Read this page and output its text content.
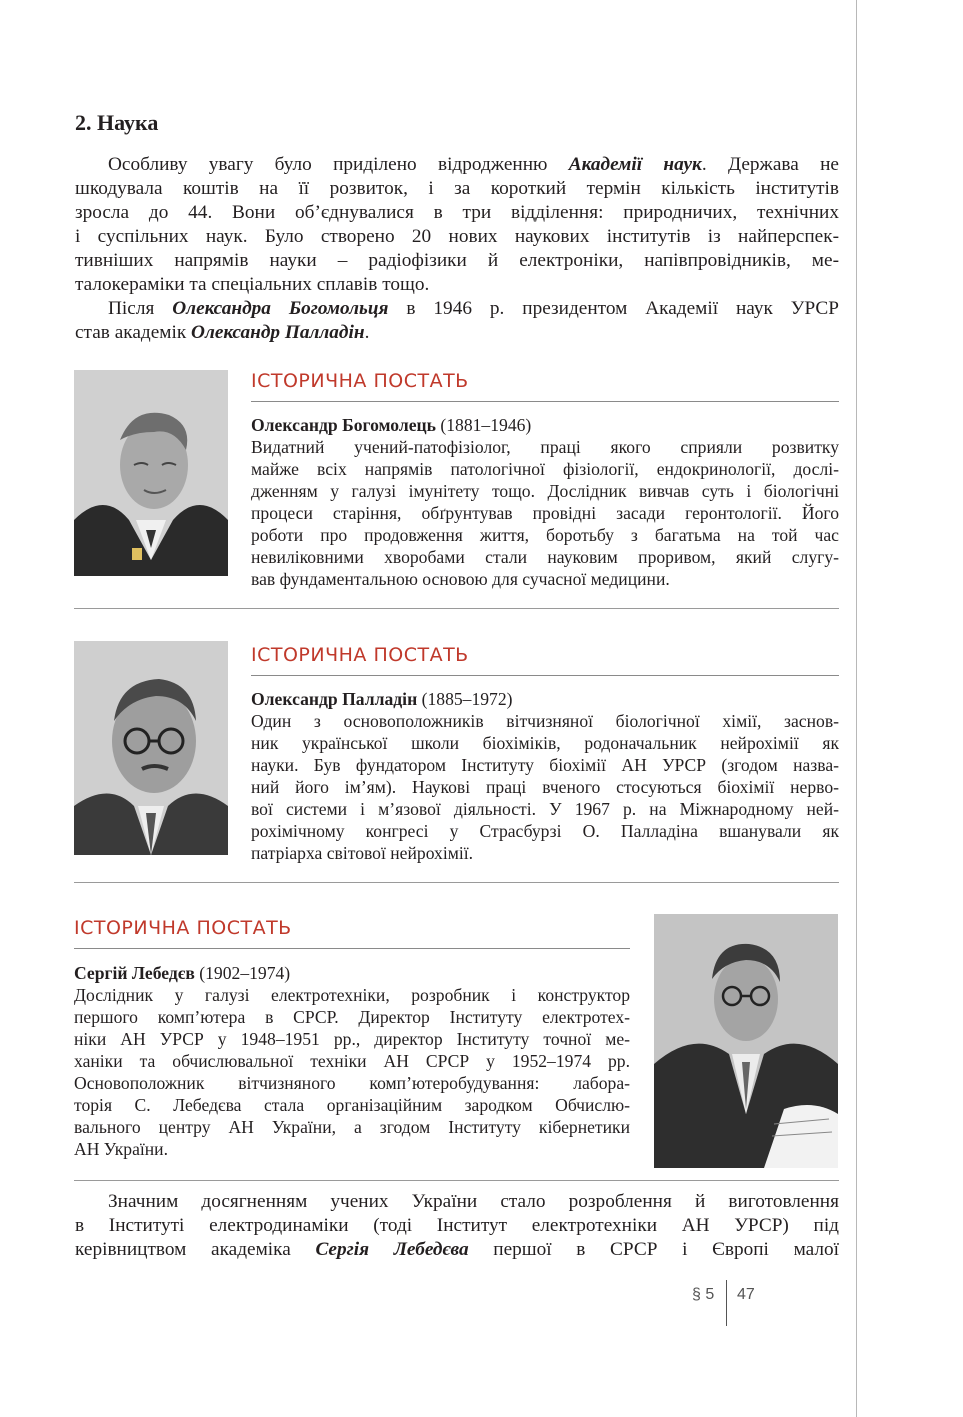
2. Наука
Особливу увагу було приділено відродженню Академії наук. Держава не
шкодувала коштів на її розвиток, і за короткий термін кількість інститутів
зросла до 44. Вони об’єднувалися в три відділення: природничих, технічних
і суспільних наук. Було створено 20 нових наукових інститутів із найперспек-
тивніших напрямів науки – радіофізики й електроніки, напівпровідників, ме-
талокераміки та спеціальних сплавів тощо.
Після Олександра Богомольця в 1946 р. президентом Академії наук УРСР
став академік Олександр Палладін.
ІСТОРИЧНА ПОСТАТЬ
Олександр Богомолець (1881–1946)
Видатний учений-патофізіолог, праці якого сприяли розвитку
майже всіх напрямів патологічної фізіології, ендокринології, дослі-
дженням у галузі імунітету тощо. Дослідник вивчав суть і біологічні
процеси старіння, обґрунтував провідні засади геронтології. Його
роботи про продовження життя, боротьбу з багатьма на той час
невиліковними хворобами стали науковим проривом, який слугу-
вав фундаментальною основою для сучасної медицини.
ІСТОРИЧНА ПОСТАТЬ
Олександр Палладін (1885–1972)
Один з основоположників вітчизняної біологічної хімії, заснов-
ник української школи біохіміків, родоначальник нейрохімії як
науки. Був фундатором Інституту біохімії АН УРСР (згодом назва-
ний його ім’ям). Наукові праці вченого стосуються біохімії нерво-
вої системи і м’язової діяльності. У 1967 р. на Міжнародному ней-
рохімічному конгресі у Страсбурзі О. Палладіна вшанували як
патріарха світової нейрохімії.
ІСТОРИЧНА ПОСТАТЬ
Сергій Лебедєв (1902–1974)
Дослідник у галузі електротехніки, розробник і конструктор
першого комп’ютера в СРСР. Директор Інституту електротех-
ніки АН УРСР у 1948–1951 рр., директор Інституту точної ме-
ханіки та обчислювальної техніки АН СРСР у 1952–1974 рр.
Основоположник вітчизняного комп’ютеробудування: лабора-
торія С. Лебедєва стала організаційним зародком Обчислю-
вального центру АН України, а згодом Інституту кібернетики
АН України.
Значним досягненням учених України стало розроблення й виготовлення
в Інституті електродинаміки (тоді Інститут електротехніки АН УРСР) під
керівництвом академіка Сергія Лебедєва першої в СРСР і Європі малої
§ 5 47
